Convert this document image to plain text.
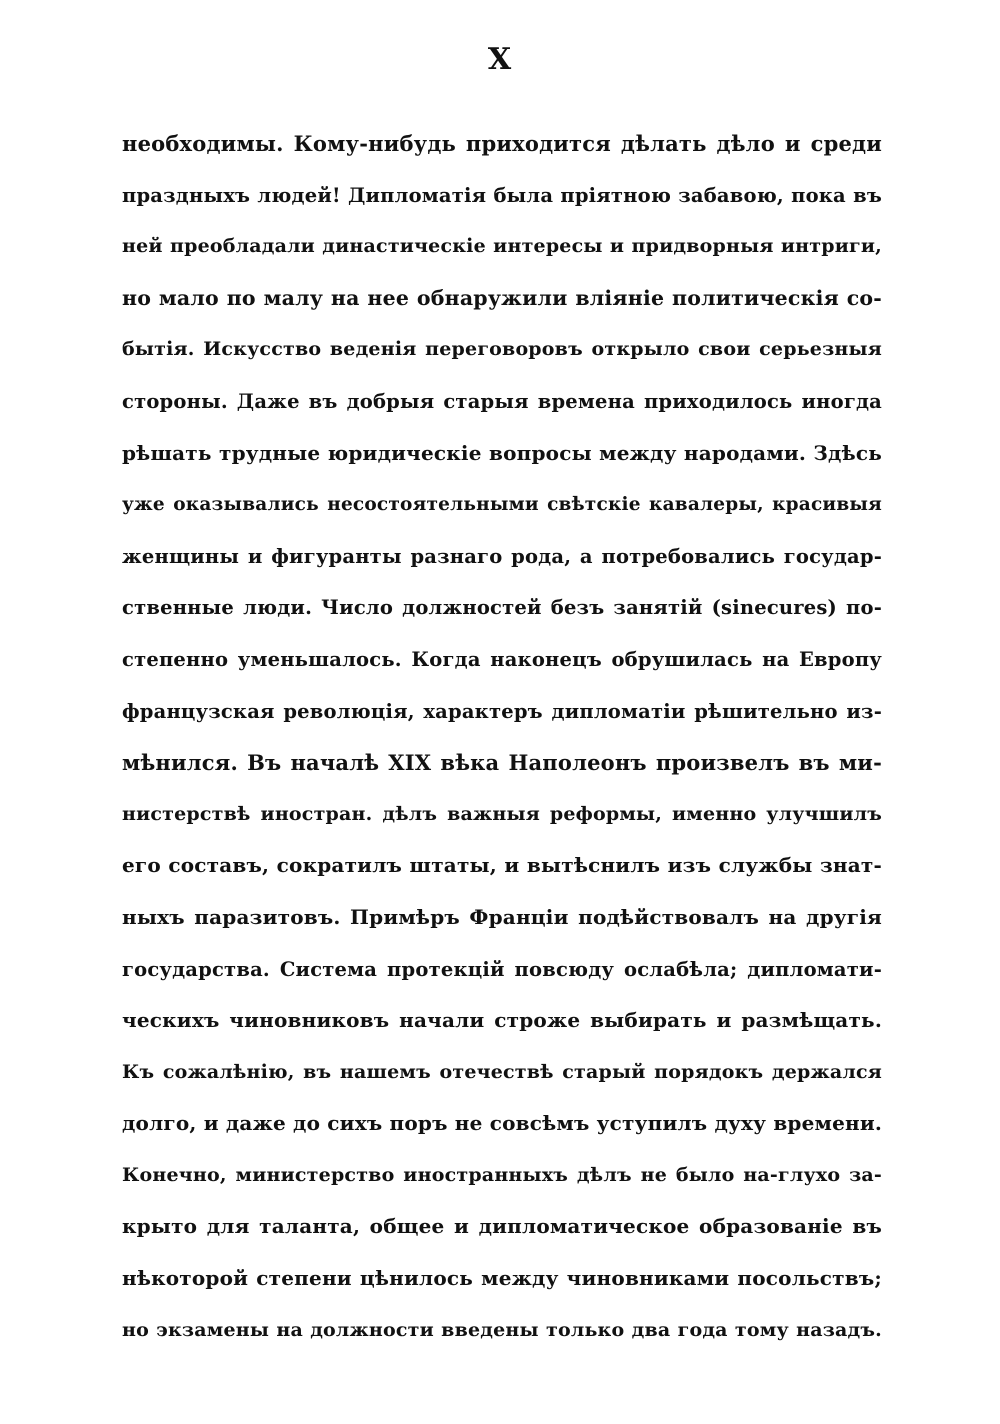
X
необходимы. Кому-нибудь приходится дѣлать дѣло и среди
праздныхъ людей! Дипломатія была пріятною забавою, пока въ
ней преобладали династическіе интересы и придворныя интриги,
но мало по малу на нее обнаружили вліяніе политическія со-
бытія. Искусство веденія переговоровъ открыло свои серьезныя
стороны. Даже въ добрыя старыя времена приходилось иногда
рѣшать трудные юридическіе вопросы между народами. Здѣсь
уже оказывались несостоятельными свѣтскіе кавалеры, красивыя
женщины и фигуранты разнаго рода, а потребовались государ-
ственные люди. Число должностей безъ занятій (sinecures) по-
степенно уменьшалось. Когда наконецъ обрушилась на Европу
французская революція, характеръ дипломатіи рѣшительно из-
мѣнился. Въ началѣ XIX вѣка Наполеонъ произвелъ въ ми-
нистерствѣ иностран. дѣлъ важныя реформы, именно улучшилъ
его составъ, сократилъ штаты, и вытѣснилъ изъ службы знат-
ныхъ паразитовъ. Примѣръ Франціи подѣйствовалъ на другія
государства. Система протекцій повсюду ослабѣла; дипломати-
ческихъ чиновниковъ начали строже выбирать и размѣщать.
Къ сожалѣнію, въ нашемъ отечествѣ старый порядокъ держался
долго, и даже до сихъ поръ не совсѣмъ уступилъ духу времени.
Конечно, министерство иностранныхъ дѣлъ не было на-глухо за-
крыто для таланта, общее и дипломатическое образованіе въ
нѣкоторой степени цѣнилось между чиновниками посольствъ;
но экзамены на должности введены только два года тому назадъ.
